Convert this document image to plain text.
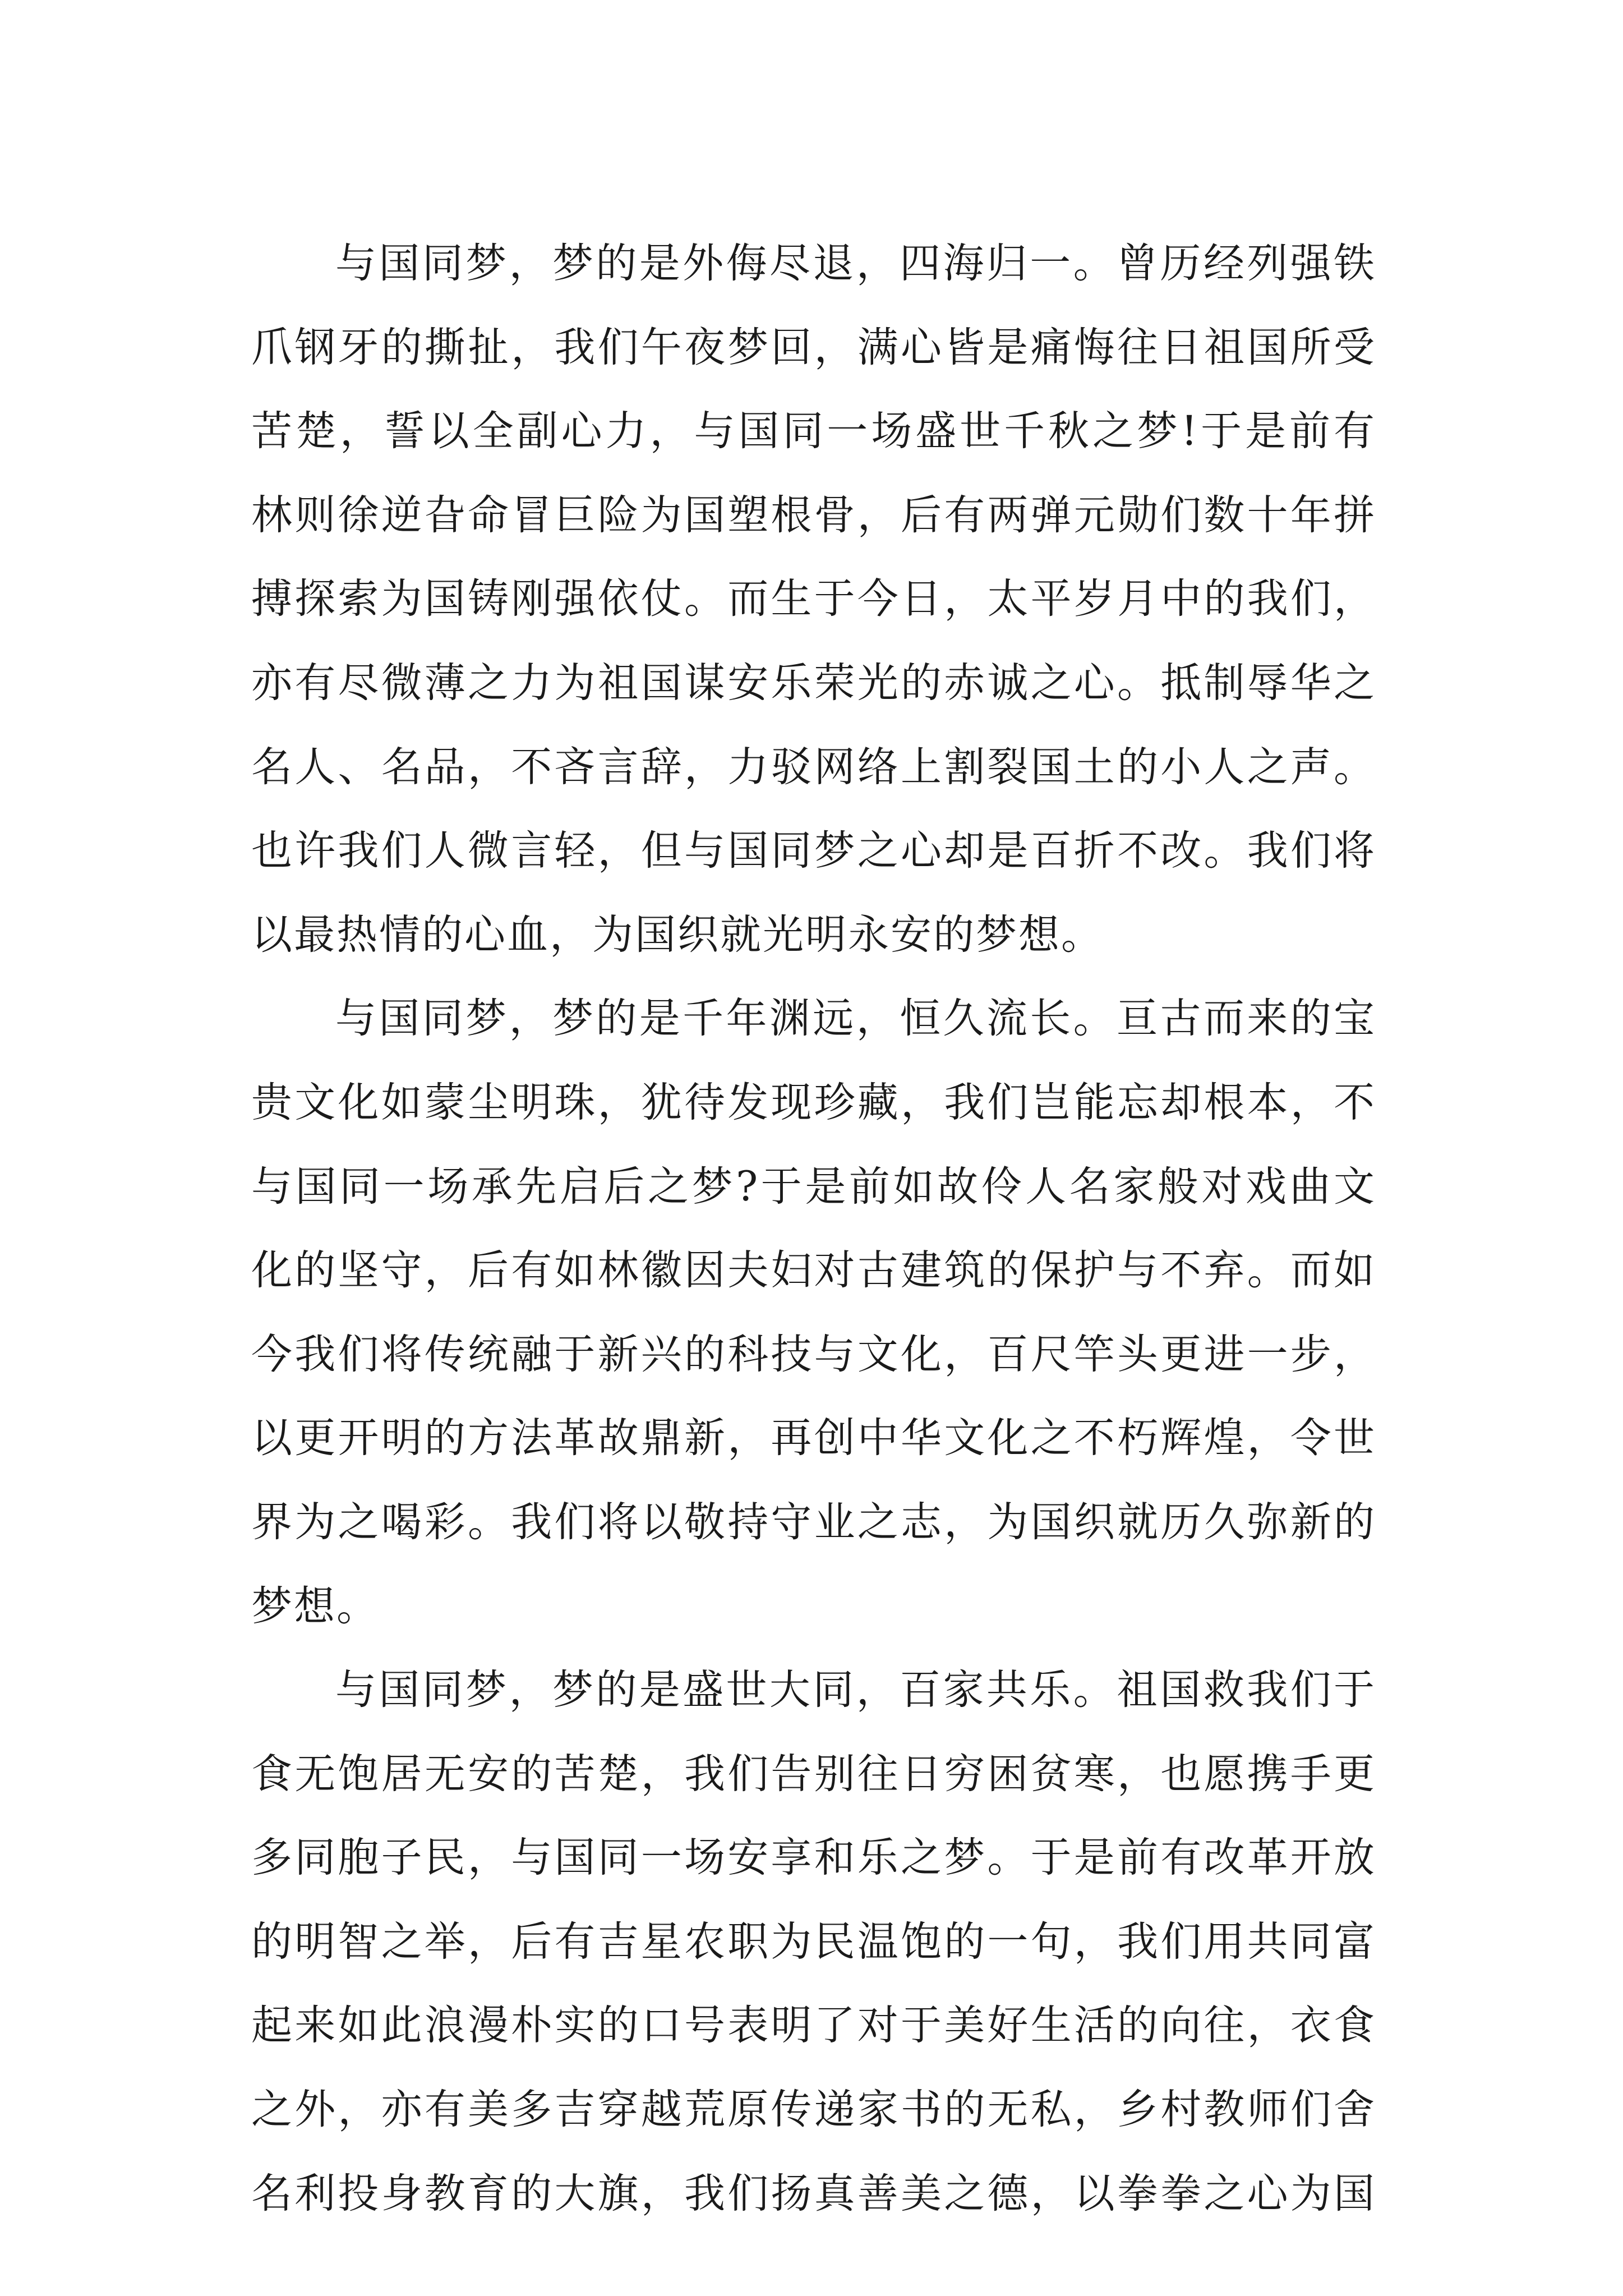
与国同梦，梦的是外侮尽退，四海归一。曾历经列强铁
爪钢牙的撕扯，我们午夜梦回，满心皆是痛悔往日祖国所受
苦楚，誓以全副心力，与国同一场盛世千秋之梦!于是前有
林则徐逆旮命冒巨险为国塑根骨，后有两弹元勋们数十年拼
搏探索为国铸刚强依仗。而生于今日，太平岁月中的我们，
亦有尽微薄之力为祖国谋安乐荣光的赤诚之心。抵制辱华之
名人、名品，不吝言辞，力驳网络上割裂国土的小人之声。
也许我们人微言轻，但与国同梦之心却是百折不改。我们将
以最热情的心血，为国织就光明永安的梦想。
与国同梦，梦的是千年渊远，恒久流长。亘古而来的宝
贵文化如蒙尘明珠，犹待发现珍藏，我们岂能忘却根本，不
与国同一场承先启后之梦?于是前如故伶人名家般对戏曲文
化的坚守，后有如林徽因夫妇对古建筑的保护与不弃。而如
今我们将传统融于新兴的科技与文化，百尺竿头更进一步，
以更开明的方法革故鼎新，再创中华文化之不朽辉煌，令世
界为之喝彩。我们将以敬持守业之志，为国织就历久弥新的
梦想。
与国同梦，梦的是盛世大同，百家共乐。祖国救我们于
食无饱居无安的苦楚，我们告别往日穷困贫寒，也愿携手更
多同胞子民，与国同一场安享和乐之梦。于是前有改革开放
的明智之举，后有吉星农职为民温饱的一句，我们用共同富
起来如此浪漫朴实的口号表明了对于美好生活的向往，衣食
之外，亦有美多吉穿越荒原传递家书的无私，乡村教师们舍
名利投身教育的大旗，我们扬真善美之德，以拳拳之心为国
